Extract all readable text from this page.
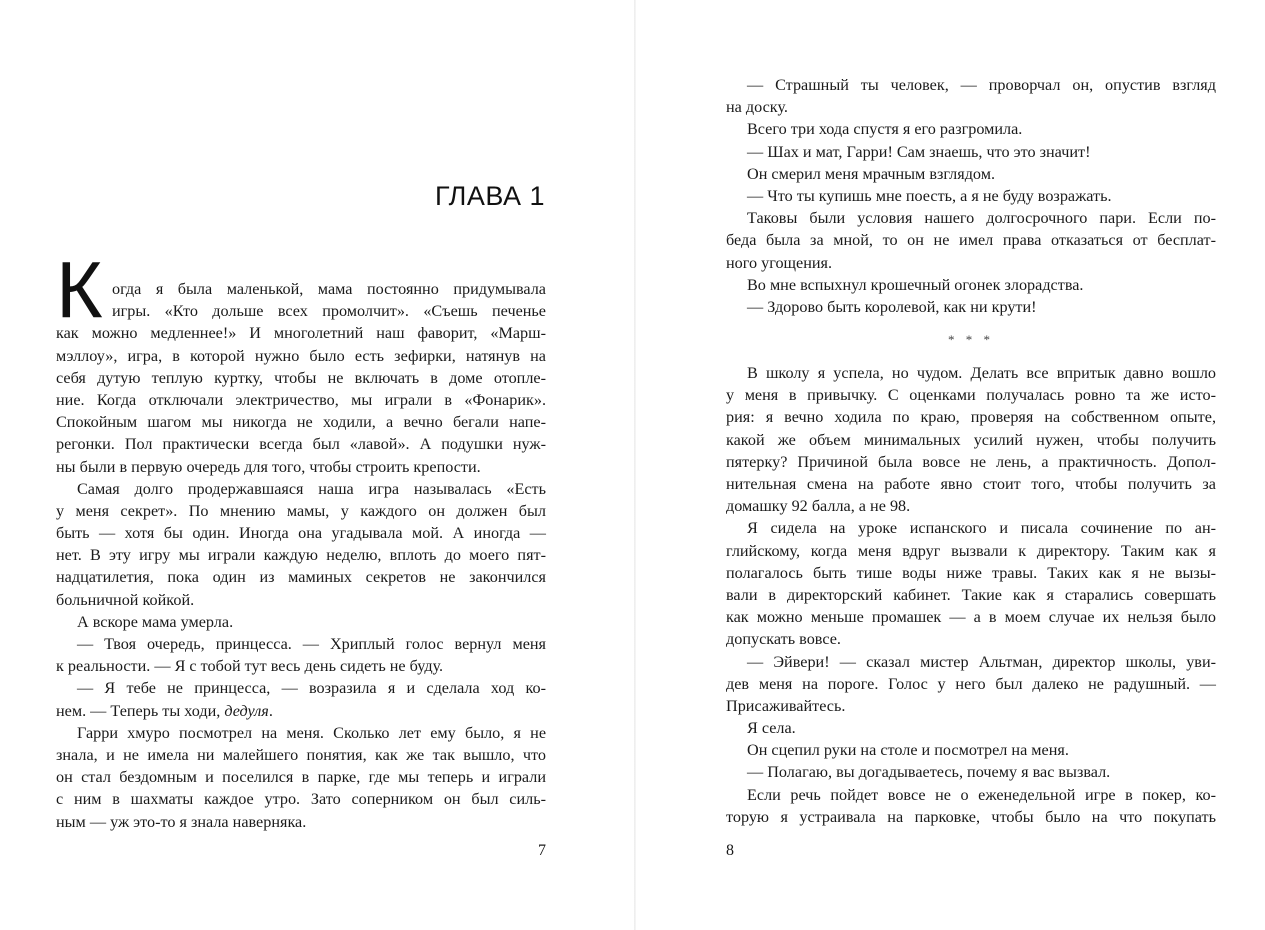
ГЛАВА 1
К огда я была маленькой, мама постоянно придумывала
игры. «Кто дольше всех промолчит». «Съешь печенье
как можно медленнее!» И многолетний наш фаворит, «Марш-
мэллоу», игра, в которой нужно было есть зефирки, натянув на
себя дутую теплую куртку, чтобы не включать в доме отопле-
ние. Когда отключали электричество, мы играли в «Фонарик».
Спокойным шагом мы никогда не ходили, а вечно бегали напе-
регонки. Пол практически всегда был «лавой». А подушки нуж-
ны были в первую очередь для того, чтобы строить крепости.
Самая долго продержавшаяся наша игра называлась «Есть
у меня секрет». По мнению мамы, у каждого он должен был
быть — хотя бы один. Иногда она угадывала мой. А иногда —
нет. В эту игру мы играли каждую неделю, вплоть до моего пят-
надцатилетия, пока один из маминых секретов не закончился
больничной койкой.
А вскоре мама умерла.
— Твоя очередь, принцесса. — Хриплый голос вернул меня
к реальности. — Я с тобой тут весь день сидеть не буду.
— Я тебе не принцесса, — возразила я и сделала ход ко-
нем. — Теперь ты ходи, дедуля.
Гарри хмуро посмотрел на меня. Сколько лет ему было, я не
знала, и не имела ни малейшего понятия, как же так вышло, что
он стал бездомным и поселился в парке, где мы теперь и играли
с ним в шахматы каждое утро. Зато соперником он был силь-
ным — уж это-то я знала наверняка.

7

— Страшный ты человек, — проворчал он, опустив взгляд
на доску.
Всего три хода спустя я его разгромила.
— Шах и мат, Гарри! Сам знаешь, что это значит!
Он смерил меня мрачным взглядом.
— Что ты купишь мне поесть, а я не буду возражать.
Таковы были условия нашего долгосрочного пари. Если по-
беда была за мной, то он не имел права отказаться от бесплат-
ного угощения.
Во мне вспыхнул крошечный огонек злорадства.
— Здорово быть королевой, как ни крути!
* * *
В школу я успела, но чудом. Делать все впритык давно вошло
у меня в привычку. С оценками получалась ровно та же исто-
рия: я вечно ходила по краю, проверяя на собственном опыте,
какой же объем минимальных усилий нужен, чтобы получить
пятерку? Причиной была вовсе не лень, а практичность. Допол-
нительная смена на работе явно стоит того, чтобы получить за
домашку 92 балла, а не 98.
Я сидела на уроке испанского и писала сочинение по ан-
глийскому, когда меня вдруг вызвали к директору. Таким как я
полагалось быть тише воды ниже травы. Таких как я не вызы-
вали в директорский кабинет. Такие как я старались совершать
как можно меньше промашек — а в моем случае их нельзя было
допускать вовсе.
— Эйвери! — сказал мистер Альтман, директор школы, уви-
дев меня на пороге. Голос у него был далеко не радушный. —
Присаживайтесь.
Я села.
Он сцепил руки на столе и посмотрел на меня.
— Полагаю, вы догадываетесь, почему я вас вызвал.
Если речь пойдет вовсе не о еженедельной игре в покер, ко-
торую я устраивала на парковке, чтобы было на что покупать

8
